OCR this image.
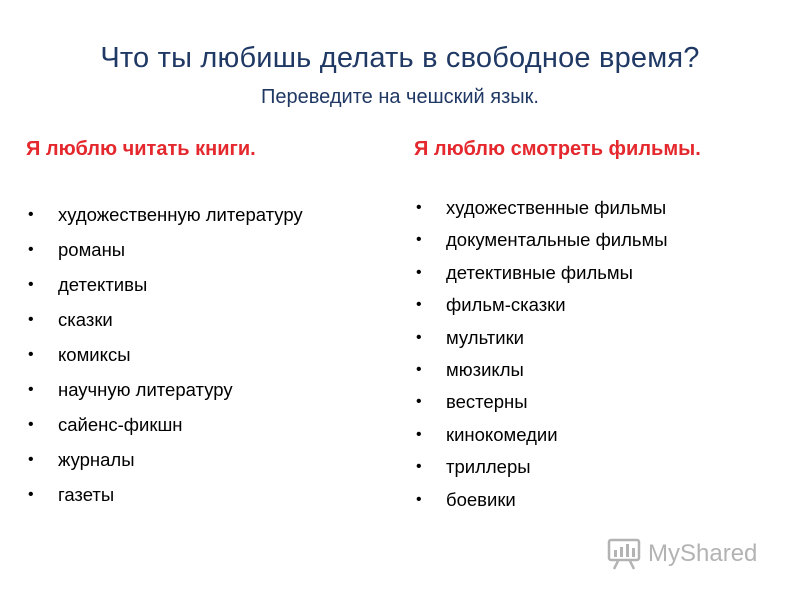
Что ты любишь делать в свободное время?
Переведите на чешский язык.

Я люблю читать книги.

• художественную литературу
• романы
• детективы
• сказки
• комиксы
• научную литературу
• сайенс-фикшн
• журналы
• газеты

Я люблю смотреть фильмы.

• художественные фильмы
• документальные фильмы
• детективные фильмы
• фильм-сказки
• мультики
• мюзиклы
• вестерны
• кинокомедии
• триллеры
• боевики
MyShared
